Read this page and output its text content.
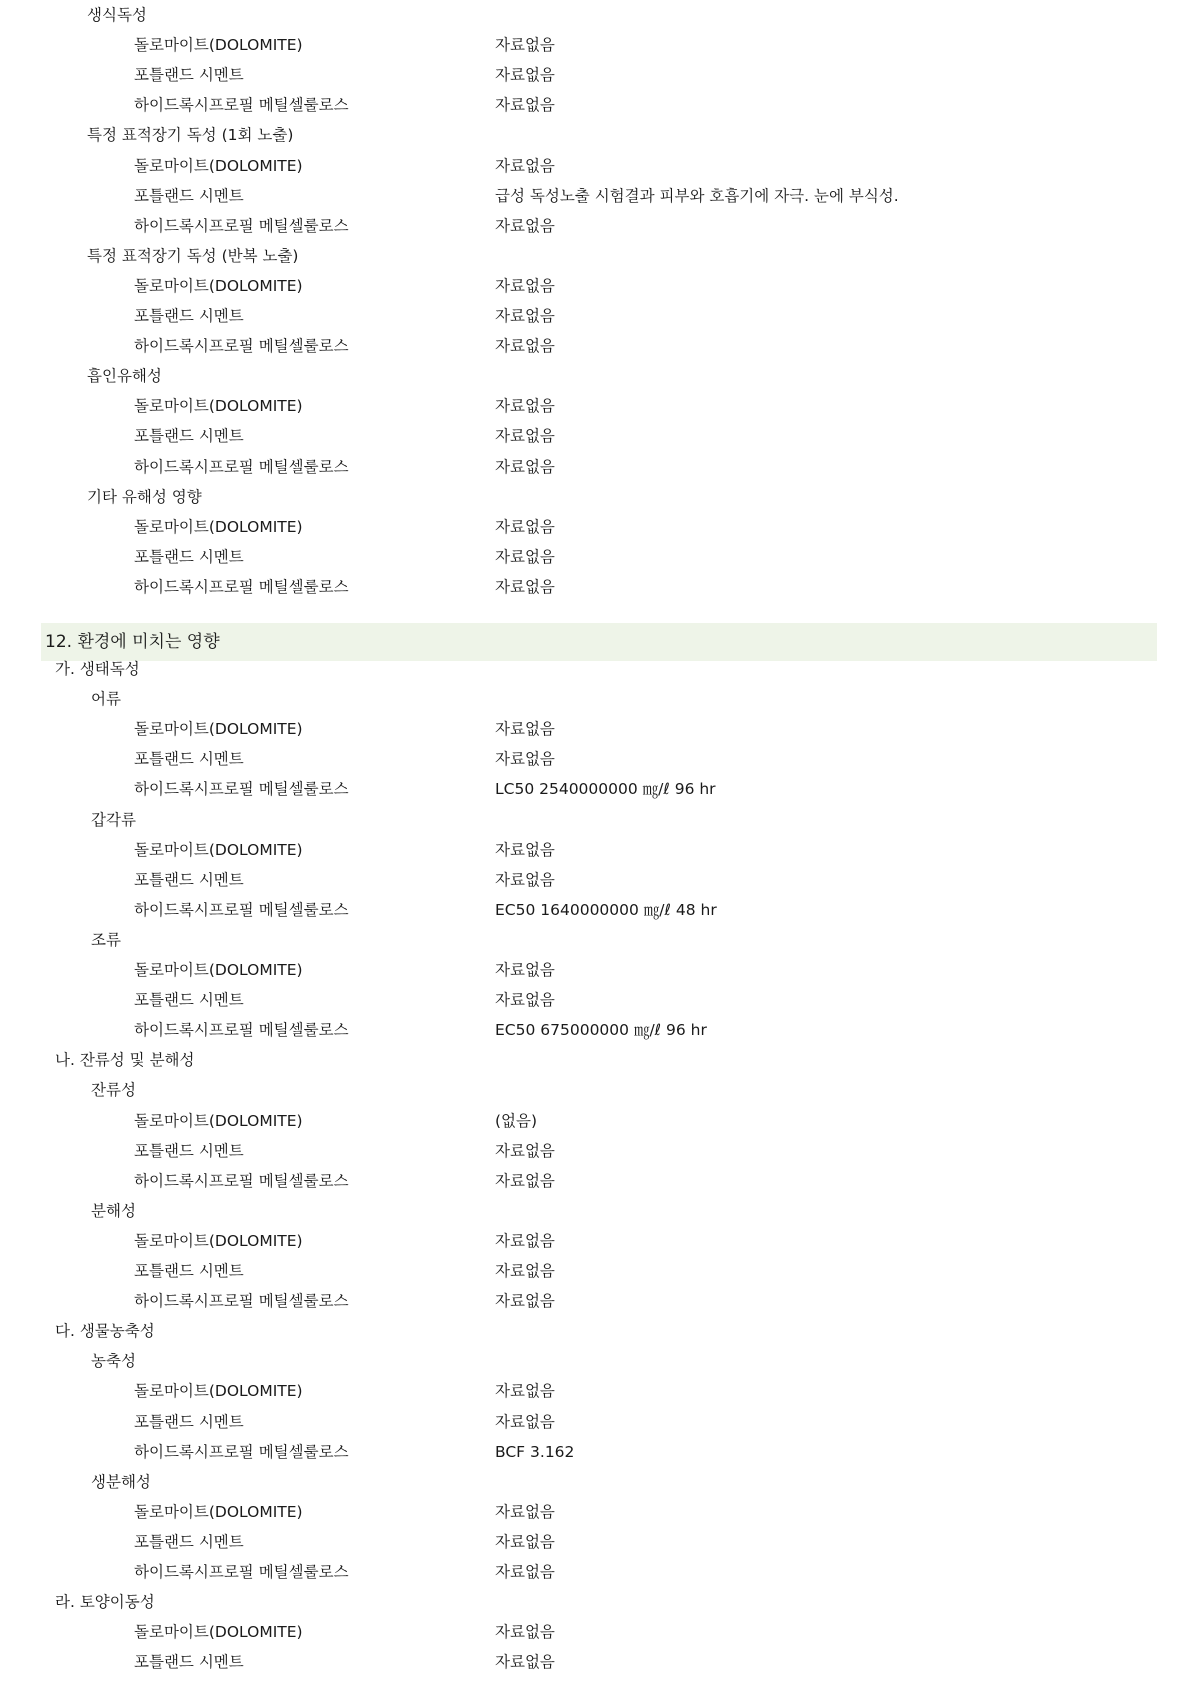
생식독성
돌로마이트(DOLOMITE)	자료없음
포틀랜드 시멘트	자료없음
하이드록시프로필 메틸셀룰로스	자료없음
특정 표적장기 독성 (1회 노출)
돌로마이트(DOLOMITE)	자료없음
포틀랜드 시멘트	급성 독성노출 시험결과 피부와 호흡기에 자극. 눈에 부식성.
하이드록시프로필 메틸셀룰로스	자료없음
특정 표적장기 독성 (반복 노출)
돌로마이트(DOLOMITE)	자료없음
포틀랜드 시멘트	자료없음
하이드록시프로필 메틸셀룰로스	자료없음
흡인유해성
돌로마이트(DOLOMITE)	자료없음
포틀랜드 시멘트	자료없음
하이드록시프로필 메틸셀룰로스	자료없음
기타 유해성 영향
돌로마이트(DOLOMITE)	자료없음
포틀랜드 시멘트	자료없음
하이드록시프로필 메틸셀룰로스	자료없음
12. 환경에 미치는 영향
가. 생태독성
어류
돌로마이트(DOLOMITE)	자료없음
포틀랜드 시멘트	자료없음
하이드록시프로필 메틸셀룰로스	LC50 2540000000 ㎎/ℓ 96 hr
갑각류
돌로마이트(DOLOMITE)	자료없음
포틀랜드 시멘트	자료없음
하이드록시프로필 메틸셀룰로스	EC50 1640000000 ㎎/ℓ 48 hr
조류
돌로마이트(DOLOMITE)	자료없음
포틀랜드 시멘트	자료없음
하이드록시프로필 메틸셀룰로스	EC50 675000000 ㎎/ℓ 96 hr
나. 잔류성 및 분해성
잔류성
돌로마이트(DOLOMITE)	(없음)
포틀랜드 시멘트	자료없음
하이드록시프로필 메틸셀룰로스	자료없음
분해성
돌로마이트(DOLOMITE)	자료없음
포틀랜드 시멘트	자료없음
하이드록시프로필 메틸셀룰로스	자료없음
다. 생물농축성
농축성
돌로마이트(DOLOMITE)	자료없음
포틀랜드 시멘트	자료없음
하이드록시프로필 메틸셀룰로스	BCF 3.162
생분해성
돌로마이트(DOLOMITE)	자료없음
포틀랜드 시멘트	자료없음
하이드록시프로필 메틸셀룰로스	자료없음
라. 토양이동성
돌로마이트(DOLOMITE)	자료없음
포틀랜드 시멘트	자료없음
